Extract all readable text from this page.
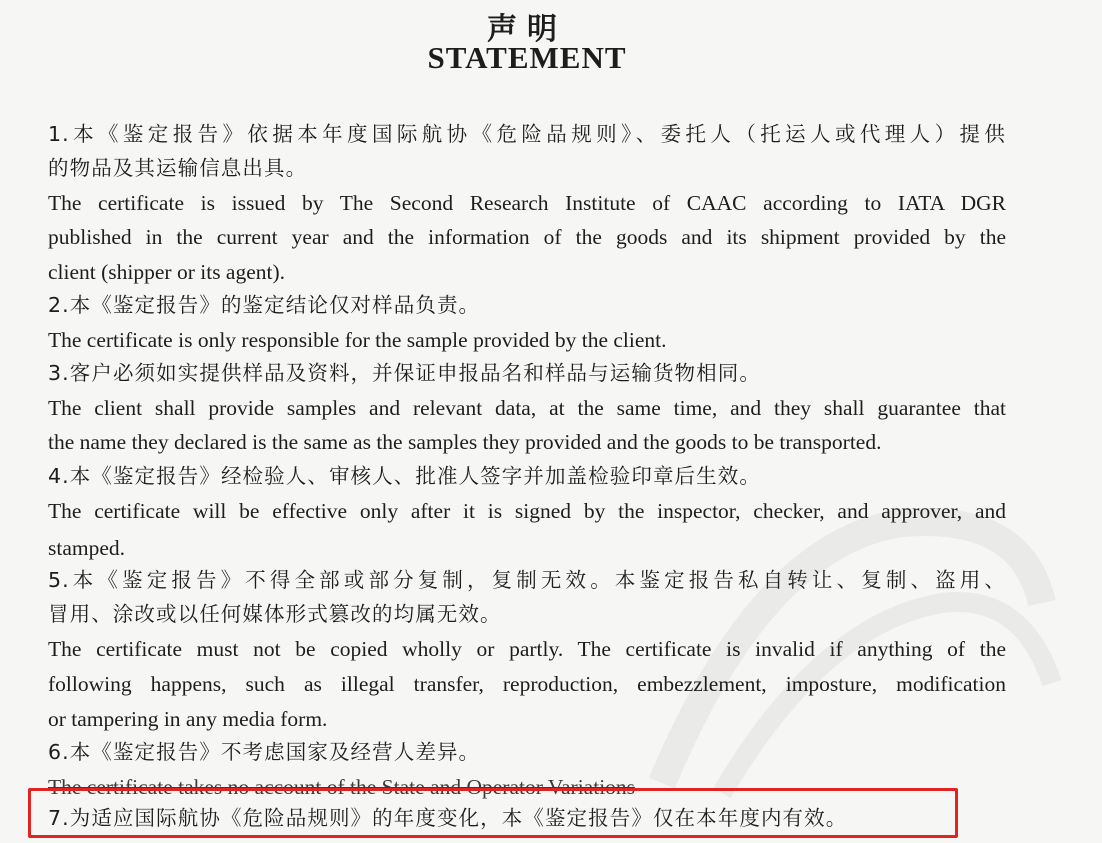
声明
STATEMENT
1.本《鉴定报告》依据本年度国际航协《危险品规则》、委托人（托运人或代理人）提供
的物品及其运输信息出具。
The certificate is issued by The Second Research Institute of CAAC according to IATA DGR
published in the current year and the information of the goods and its shipment provided by the
client (shipper or its agent).
2.本《鉴定报告》的鉴定结论仅对样品负责。
The certificate is only responsible for the sample provided by the client.
3.客户必须如实提供样品及资料，并保证申报品名和样品与运输货物相同。
The client shall provide samples and relevant data, at the same time, and they shall guarantee that
the name they declared is the same as the samples they provided and the goods to be transported.
4.本《鉴定报告》经检验人、审核人、批准人签字并加盖检验印章后生效。
The certificate will be effective only after it is signed by the inspector, checker, and approver, and
stamped.
5.本《鉴定报告》不得全部或部分复制，复制无效。本鉴定报告私自转让、复制、盗用、
冒用、涂改或以任何媒体形式篡改的均属无效。
The certificate must not be copied wholly or partly. The certificate is invalid if anything of the
following happens, such as illegal transfer, reproduction, embezzlement, imposture, modification
or tampering in any media form.
6.本《鉴定报告》不考虑国家及经营人差异。
The certificate takes no account of the State and Operator Variations
7.为适应国际航协《危险品规则》的年度变化，本《鉴定报告》仅在本年度内有效。
